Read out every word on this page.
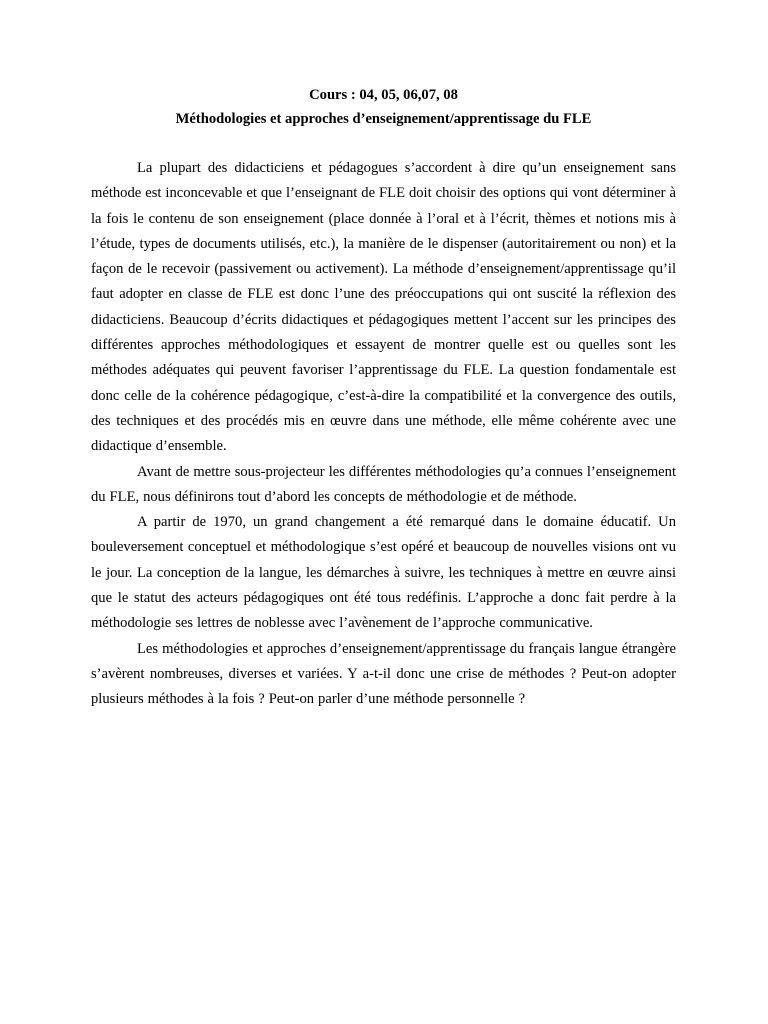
Cours : 04, 05, 06,07, 08

Méthodologies et approches d’enseignement/apprentissage du FLE

La plupart des didacticiens et pédagogues s’accordent à dire qu’un enseignement sans méthode est inconcevable et que l’enseignant de FLE doit choisir des options qui vont déterminer à la fois le contenu de son enseignement (place donnée à l’oral et à l’écrit, thèmes et notions mis à l’étude, types de documents utilisés, etc.), la manière de le dispenser (autoritairement ou non) et la façon de le recevoir (passivement ou activement). La méthode d’enseignement/apprentissage qu’il faut adopter en classe de FLE est donc l’une des préoccupations qui ont suscité la réflexion des didacticiens. Beaucoup d’écrits didactiques et pédagogiques mettent l’accent sur les principes des différentes approches méthodologiques et essayent de montrer quelle est ou quelles sont les méthodes adéquates qui peuvent favoriser l’apprentissage du FLE. La question fondamentale est donc celle de la cohérence pédagogique, c’est-à-dire la compatibilité et la convergence des outils, des techniques et des procédés mis en œuvre dans une méthode, elle même cohérente avec une didactique d’ensemble.

Avant de mettre sous-projecteur les différentes méthodologies qu’a connues l’enseignement du FLE, nous définirons tout d’abord les concepts de méthodologie et de méthode.

A partir de 1970, un grand changement a été remarqué dans le domaine éducatif. Un bouleversement conceptuel et méthodologique s’est opéré et beaucoup de nouvelles visions ont vu le jour. La conception de la langue, les démarches à suivre, les techniques à mettre en œuvre ainsi que le statut des acteurs pédagogiques ont été tous redéfinis. L’approche a donc fait perdre à la méthodologie ses lettres de noblesse avec l’avènement de l’approche communicative.

Les méthodologies et approches d’enseignement/apprentissage du français langue étrangère s’avèrent nombreuses, diverses et variées. Y a-t-il donc une crise de méthodes ? Peut-on adopter plusieurs méthodes à la fois ? Peut-on parler d’une méthode personnelle ?
